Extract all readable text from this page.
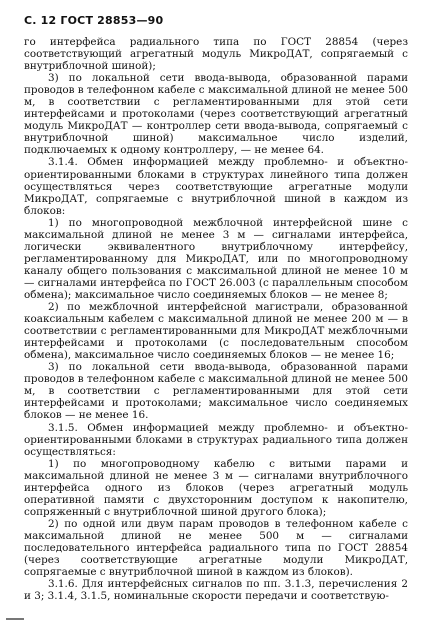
С. 12 ГОСТ 28853—90

го интерфейса радиального типа по ГОСТ 28854 (через соответствующий агрегатный модуль МикроДАТ, сопрягаемый с внутриблочной шиной);

3) по локальной сети ввода-вывода, образованной парами проводов в телефонном кабеле с максимальной длиной не менее 500 м, в соответствии с регламентированными для этой сети интерфейсами и протоколами (через соответствующий агрегатный модуль МикроДАТ — контроллер сети ввода-вывода, сопрягаемый с внутриблочной шиной) максимальное число изделий, подключаемых к одному контроллеру, — не менее 64.

3.1.4. Обмен информацией между проблемно- и объектно-ориентированными блоками в структурах линейного типа должен осуществляться через соответствующие агрегатные модули МикроДАТ, сопрягаемые с внутриблочной шиной в каждом из блоков:

1) по многопроводной межблочной интерфейсной шине с максимальной длиной не менее 3 м — сигналами интерфейса, логически эквивалентного внутриблочному интерфейсу, регламентированному для МикроДАТ, или по многопроводному каналу общего пользования с максимальной длиной не менее 10 м — сигналами интерфейса по ГОСТ 26.003 (с параллельным способом обмена); максимальное число соединяемых блоков — не менее 8;

2) по межблочной интерфейсной магистрали, образованной коаксиальным кабелем с максимальной длиной не менее 200 м — в соответствии с регламентированными для МикроДАТ межблочными интерфейсами и протоколами (с последовательным способом обмена), максимальное число соединяемых блоков — не менее 16;

3) по локальной сети ввода-вывода, образованной парами проводов в телефонном кабеле с максимальной длиной не менее 500 м, в соответствии с регламентированными для этой сети интерфейсами и протоколами; максимальное число соединяемых блоков — не менее 16.

3.1.5. Обмен информацией между проблемно- и объектно-ориентированными блоками в структурах радиального типа должен осуществляться:

1) по многопроводному кабелю с витыми парами и максимальной длиной не менее 3 м — сигналами внутриблочного интерфейса одного из блоков (через агрегатный модуль оперативной памяти с двухсторонним доступом к накопителю, сопряженный с внутриблочной шиной другого блока);

2) по одной или двум парам проводов в телефонном кабеле с максимальной длиной не менее 500 м — сигналами последовательного интерфейса радиального типа по ГОСТ 28854 (через соответствующие агрегатные модули МикроДАТ, сопрягаемые с внутриблочной шиной в каждом из блоков).

3.1.6. Для интерфейсных сигналов по пп. 3.1.3, перечисления 2 и 3; 3.1.4, 3.1.5, номинальные скорости передачи и соответствую-
